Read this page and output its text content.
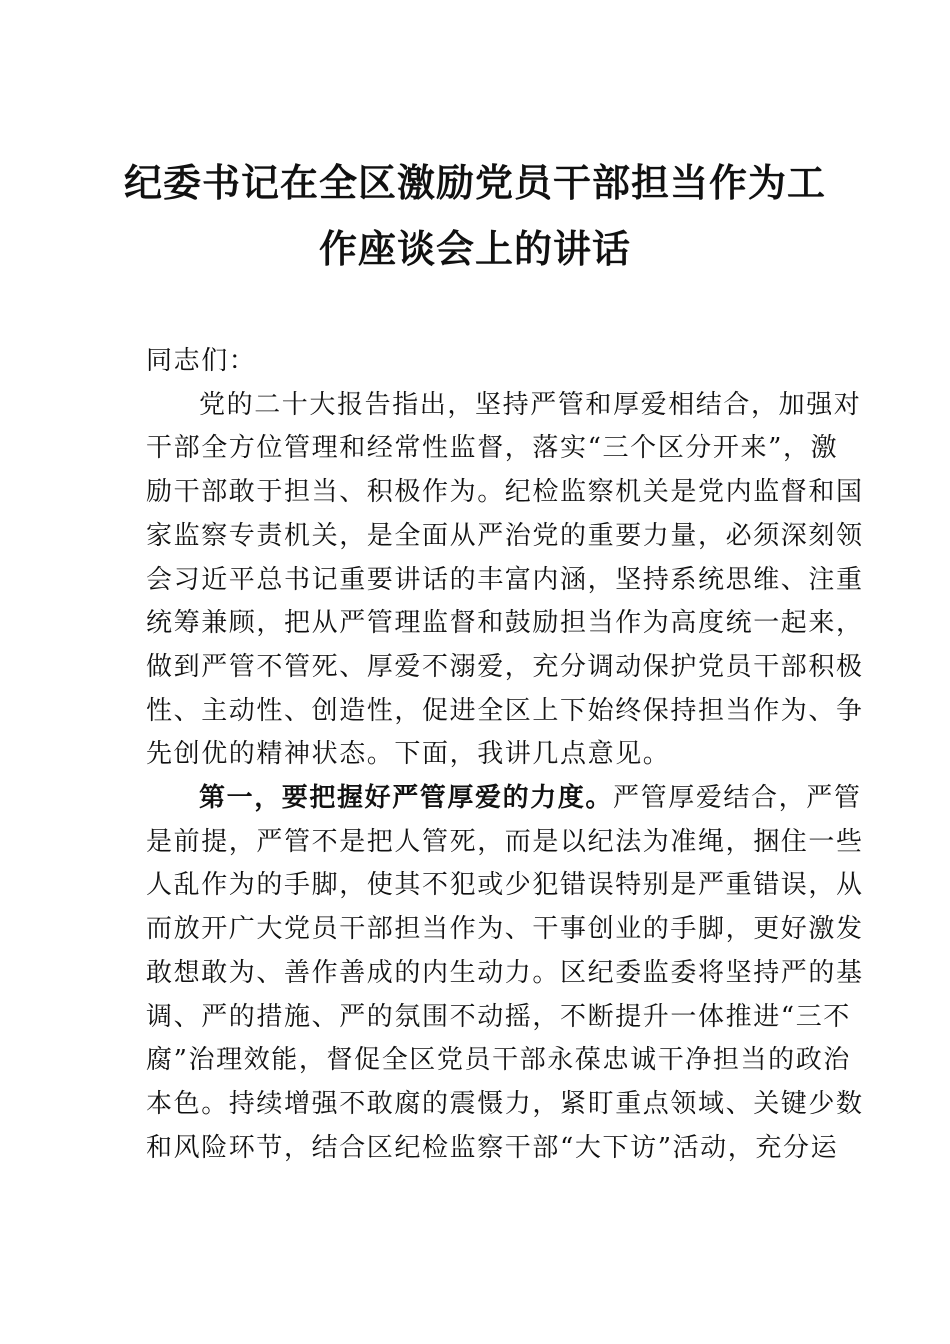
纪委书记在全区激励党员干部担当作为工
作座谈会上的讲话
同志们：
党的二十大报告指出，坚持严管和厚爱相结合，加强对
干部全方位管理和经常性监督，落实“三个区分开来”，激
励干部敢于担当、积极作为。纪检监察机关是党内监督和国
家监察专责机关，是全面从严治党的重要力量，必须深刻领
会习近平总书记重要讲话的丰富内涵，坚持系统思维、注重
统筹兼顾，把从严管理监督和鼓励担当作为高度统一起来，
做到严管不管死、厚爱不溺爱，充分调动保护党员干部积极
性、主动性、创造性，促进全区上下始终保持担当作为、争
先创优的精神状态。下面，我讲几点意见。
第一，要把握好严管厚爱的力度。严管厚爱结合，严管
是前提，严管不是把人管死，而是以纪法为准绳，捆住一些
人乱作为的手脚，使其不犯或少犯错误特别是严重错误，从
而放开广大党员干部担当作为、干事创业的手脚，更好激发
敢想敢为、善作善成的内生动力。区纪委监委将坚持严的基
调、严的措施、严的氛围不动摇，不断提升一体推进“三不
腐”治理效能，督促全区党员干部永葆忠诚干净担当的政治
本色。持续增强不敢腐的震慑力，紧盯重点领域、关键少数
和风险环节，结合区纪检监察干部“大下访”活动，充分运
